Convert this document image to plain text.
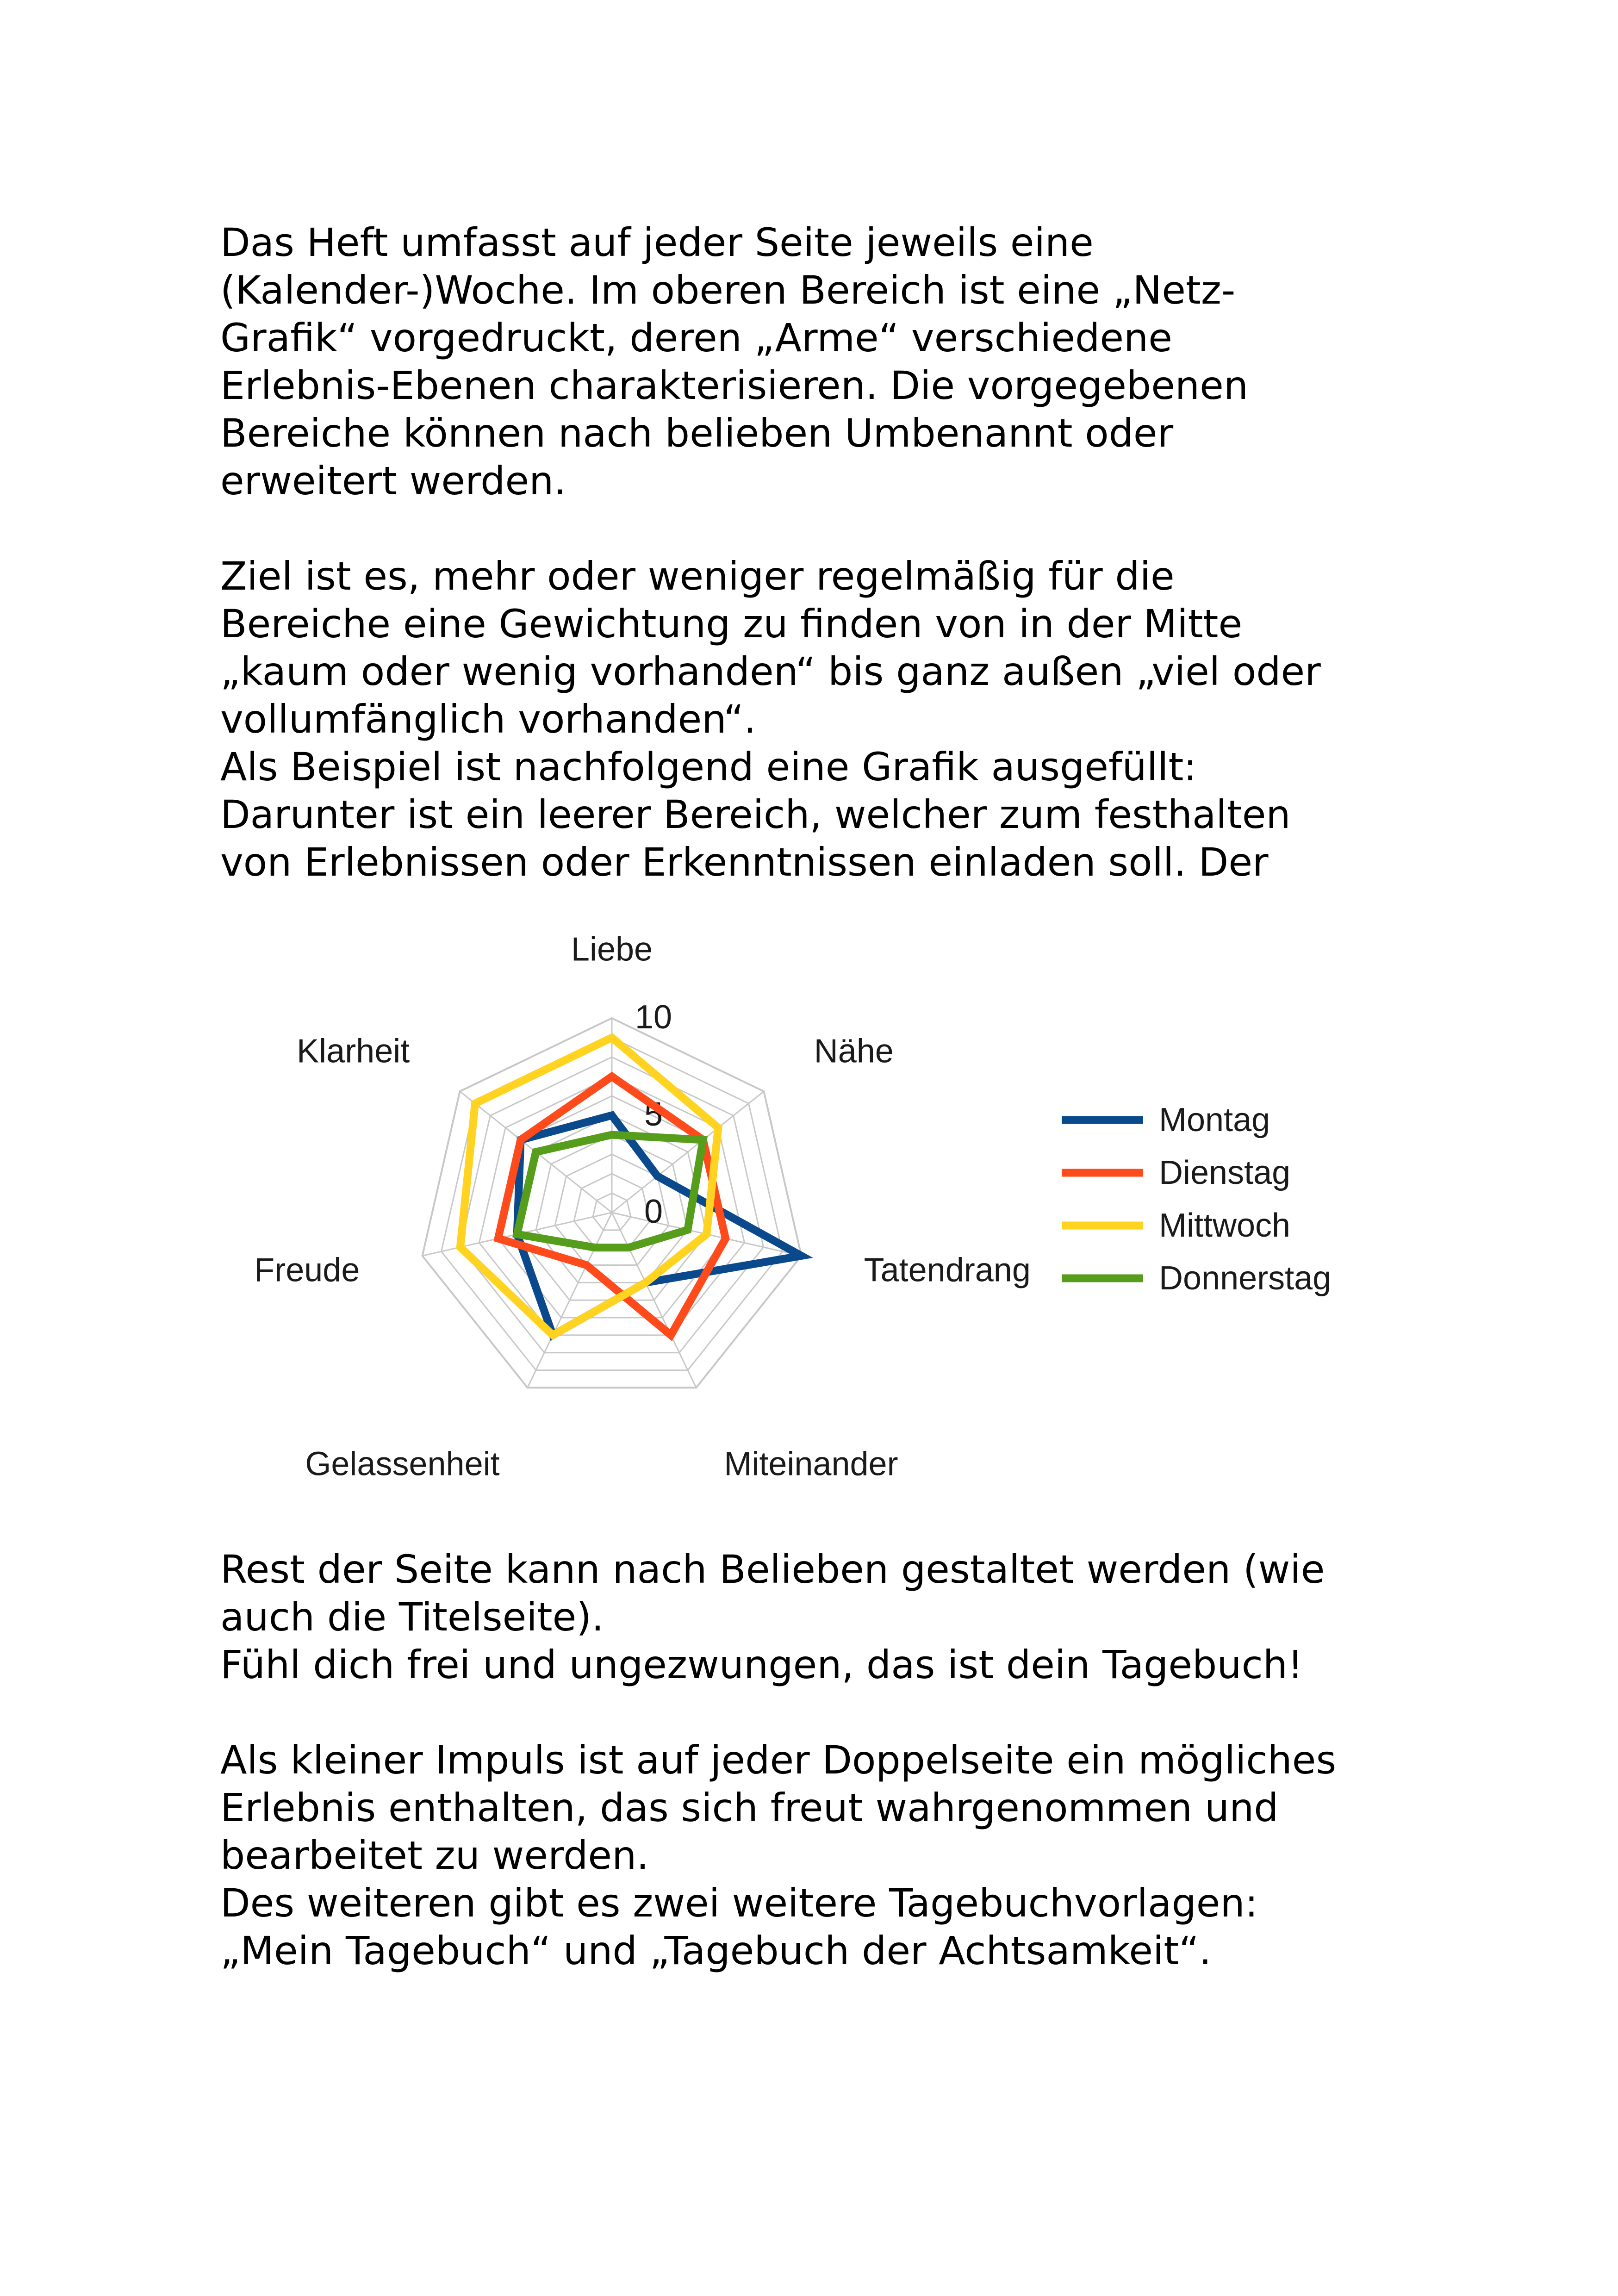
Das Heft umfasst auf jeder Seite jeweils eine

(Kalender-)Woche. Im oberen Bereich ist eine „Netz-

Grafik“ vorgedruckt, deren „Arme“ verschiedene

Erlebnis-Ebenen charakterisieren. Die vorgegebenen

Bereiche können nach belieben Umbenannt oder

erweitert werden.

Ziel ist es, mehr oder weniger regelmäßig für die

Bereiche eine Gewichtung zu finden von in der Mitte

„kaum oder wenig vorhanden“ bis ganz außen „viel oder

vollumfänglich vorhanden“.

Als Beispiel ist nachfolgend eine Grafik ausgefüllt:

Darunter ist ein leerer Bereich, welcher zum festhalten

von Erlebnissen oder Erkenntnissen einladen soll. Der

Liebe
Nähe
Tatendrang
Miteinander
Gelassenheit
Freude
Klarheit
0
5
10
Montag
Dienstag
Mittwoch
Donnerstag

Rest der Seite kann nach Belieben gestaltet werden (wie

auch die Titelseite).

Fühl dich frei und ungezwungen, das ist dein Tagebuch!

Als kleiner Impuls ist auf jeder Doppelseite ein mögliches

Erlebnis enthalten, das sich freut wahrgenommen und

bearbeitet zu werden.

Des weiteren gibt es zwei weitere Tagebuchvorlagen:

„Mein Tagebuch“ und „Tagebuch der Achtsamkeit“.
